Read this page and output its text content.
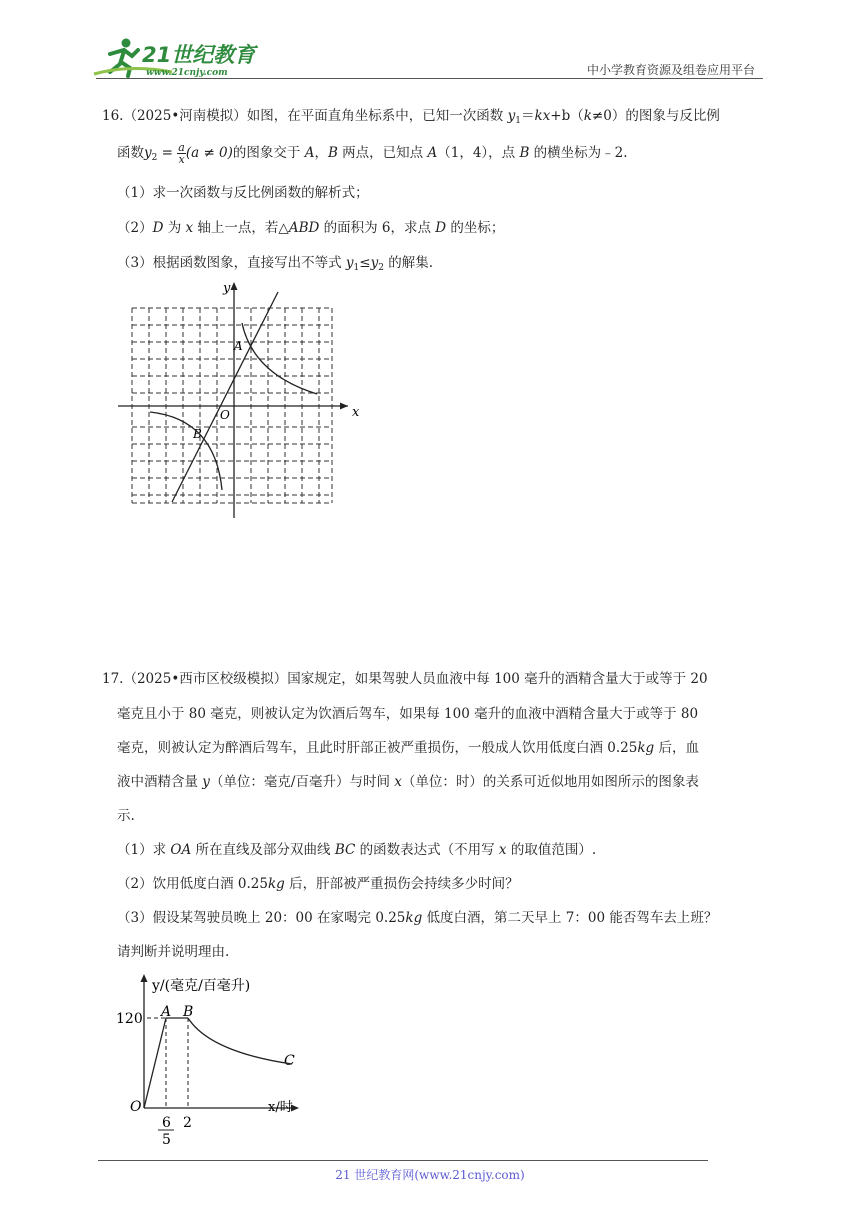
21世纪教育
www.21cnjy.com	中小学教育资源及组卷应用平台
16.（2025•河南模拟）如图，在平面直角坐标系中，已知一次函数 $y_1=kx+b(k\ne 0)$的图象与反比例
函数$y_2 = \frac{a}{x} (a \ne 0)$的图象交于 A，B 两点，已知点 A（1，4），点 B 的横坐标为﹣2.
（1）求一次函数与反比例函数的解析式；
（2）D 为 x 轴上一点，若△ABD 的面积为 6，求点 D 的坐标；
（3）根据函数图象，直接写出不等式 $y_1\le y_2$ 的解集.
x
y
O
A
B
17.（2025•西市区校级模拟）国家规定，如果驾驶人员血液中每 100 毫升的酒精含量大于或等于 20
毫克且小于 80 毫克，则被认定为饮酒后驾车，如果每 100 毫升的血液中酒精含量大于或等于 80
毫克，则被认定为醉酒后驾车，且此时肝部正被严重损伤，一般成人饮用低度白酒 0.25kg 后，血
液中酒精含量 y（单位：毫克/百毫升）与时间 x（单位：时）的关系可近似地用如图所示的图象表
示.
（1）求 OA 所在直线及部分双曲线 BC 的函数表达式（不用写 x 的取值范围）.
（2）饮用低度白酒 0.25kg 后，肝部被严重损伤会持续多少时间？
（3）假设某驾驶员晚上 20：00 在家喝完 0.25kg 低度白酒，第二天早上 7：00 能否驾车去上班？
请判断并说明理由.
y/(毫克/百毫升)
x/时
120
O
A B
C
6
5
2
21 世纪教育网(www.21cnjy.com)
